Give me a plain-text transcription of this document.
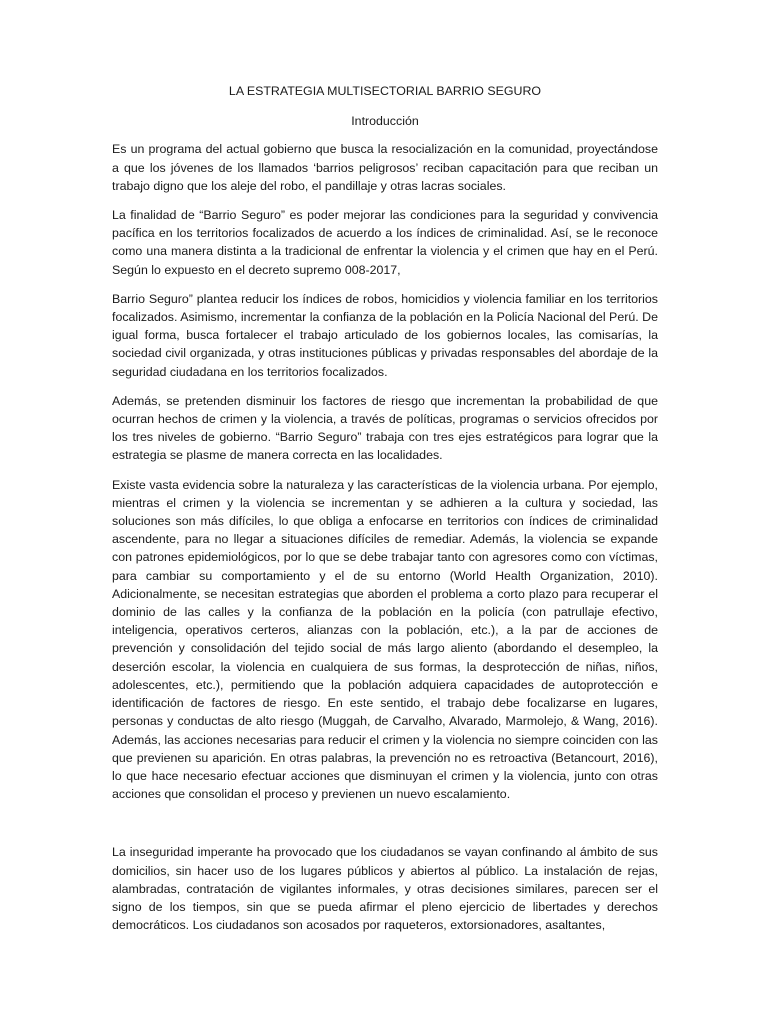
LA ESTRATEGIA MULTISECTORIAL BARRIO SEGURO
Introducción

Es un programa del actual gobierno que busca la resocialización en la comunidad, proyectándose a que los jóvenes de los llamados ‘barrios peligrosos’ reciban capacitación para que reciban un trabajo digno que los aleje del robo, el pandillaje y otras lacras sociales.

La finalidad de “Barrio Seguro” es poder mejorar las condiciones para la seguridad y convivencia pacífica en los territorios focalizados de acuerdo a los índices de criminalidad. Así, se le reconoce como una manera distinta a la tradicional de enfrentar la violencia y el crimen que hay en el Perú. Según lo expuesto en el decreto supremo 008-2017,

Barrio Seguro” plantea reducir los índices de robos, homicidios y violencia familiar en los territorios focalizados. Asimismo, incrementar la confianza de la población en la Policía Nacional del Perú. De igual forma, busca fortalecer el trabajo articulado de los gobiernos locales, las comisarías, la sociedad civil organizada, y otras instituciones públicas y privadas responsables del abordaje de la seguridad ciudadana en los territorios focalizados.

Además, se pretenden disminuir los factores de riesgo que incrementan la probabilidad de que ocurran hechos de crimen y la violencia, a través de políticas, programas o servicios ofrecidos por los tres niveles de gobierno. “Barrio Seguro” trabaja con tres ejes estratégicos para lograr que la estrategia se plasme de manera correcta en las localidades.

Existe vasta evidencia sobre la naturaleza y las características de la violencia urbana. Por ejemplo, mientras el crimen y la violencia se incrementan y se adhieren a la cultura y sociedad, las soluciones son más difíciles, lo que obliga a enfocarse en territorios con índices de criminalidad ascendente, para no llegar a situaciones difíciles de remediar. Además, la violencia se expande con patrones epidemiológicos, por lo que se debe trabajar tanto con agresores como con víctimas, para cambiar su comportamiento y el de su entorno (World Health Organization, 2010). Adicionalmente, se necesitan estrategias que aborden el problema a corto plazo para recuperar el dominio de las calles y la confianza de la población en la policía (con patrullaje efectivo, inteligencia, operativos certeros, alianzas con la población, etc.), a la par de acciones de prevención y consolidación del tejido social de más largo aliento (abordando el desempleo, la deserción escolar, la violencia en cualquiera de sus formas, la desprotección de niñas, niños, adolescentes, etc.), permitiendo que la población adquiera capacidades de autoprotección e identificación de factores de riesgo. En este sentido, el trabajo debe focalizarse en lugares, personas y conductas de alto riesgo (Muggah, de Carvalho, Alvarado, Marmolejo, & Wang, 2016). Además, las acciones necesarias para reducir el crimen y la violencia no siempre coinciden con las que previenen su aparición. En otras palabras, la prevención no es retroactiva (Betancourt, 2016), lo que hace necesario efectuar acciones que disminuyan el crimen y la violencia, junto con otras acciones que consolidan el proceso y previenen un nuevo escalamiento.

La inseguridad imperante ha provocado que los ciudadanos se vayan confinando al ámbito de sus domicilios, sin hacer uso de los lugares públicos y abiertos al público. La instalación de rejas, alambradas, contratación de vigilantes informales, y otras decisiones similares, parecen ser el signo de los tiempos, sin que se pueda afirmar el pleno ejercicio de libertades y derechos democráticos. Los ciudadanos son acosados por raqueteros, extorsionadores, asaltantes,
